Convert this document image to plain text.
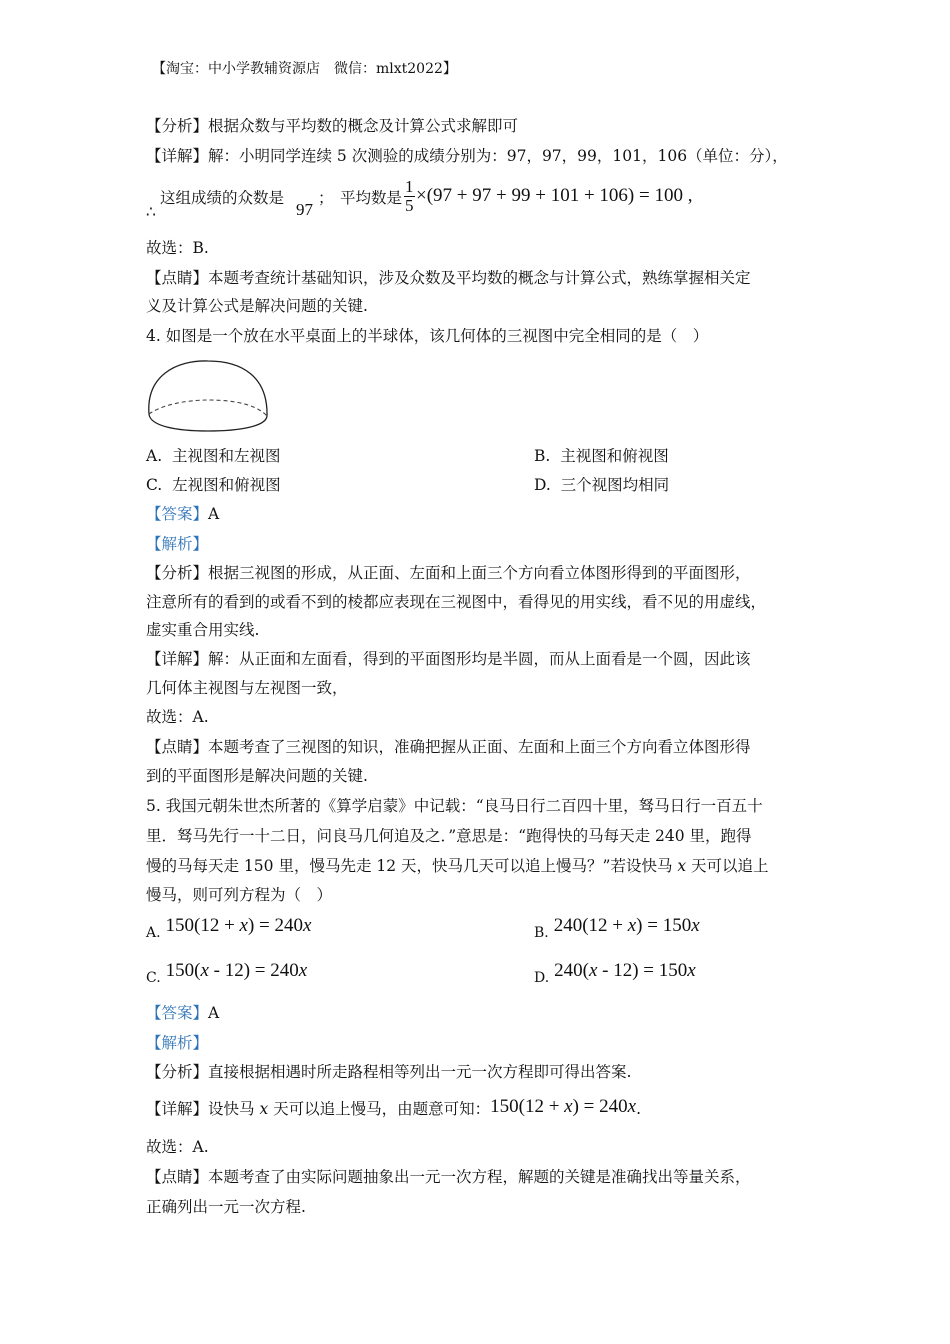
【淘宝：中小学教辅资源店　微信：mlxt2022】
【分析】根据众数与平均数的概念及计算公式求解即可
【详解】解：小明同学连续 5 次测验的成绩分别为：97，97，99，101，106（单位：分），
∴
这组成绩的众数是
97
； 平均数是 $\frac{1}{5} \times(97 + 97 + 99 + 101 + 106) = 100$ ,
故选：B.
【点睛】本题考查统计基础知识，涉及众数及平均数的概念与计算公式，熟练掌握相关定
义及计算公式是解决问题的关键.
4. 如图是一个放在水平桌面上的半球体，该几何体的三视图中完全相同的是（　）
A. 主视图和左视图	B. 主视图和俯视图
C. 左视图和俯视图	D. 三个视图均相同
【答案】A
【解析】
【分析】根据三视图的形成，从正面、左面和上面三个方向看立体图形得到的平面图形，
注意所有的看到的或看不到的棱都应表现在三视图中，看得见的用实线，看不见的用虚线，
虚实重合用实线.
【详解】解：从正面和左面看，得到的平面图形均是半圆，而从上面看是一个圆，因此该
几何体主视图与左视图一致，
故选：A.
【点睛】本题考查了三视图的知识，准确把握从正面、左面和上面三个方向看立体图形得
到的平面图形是解决问题的关键.
5. 我国元朝朱世杰所著的《算学启蒙》中记载：“良马日行二百四十里，驽马日行一百五十
里．驽马先行一十二日，问良马几何追及之．”意思是：“跑得快的马每天走 240 里，跑得
慢的马每天走 150 里，慢马先走 12 天，快马几天可以追上慢马？”若设快马 x 天可以追上
慢马，则可列方程为（　）
A. 150(12 + x) = 240x	B. 240(12 + x) = 150x
C. 150(x - 12) = 240x	D. 240(x - 12) = 150x
【答案】A
【解析】
【分析】直接根据相遇时所走路程相等列出一元一次方程即可得出答案.
【详解】设快马 x 天可以追上慢马，由题意可知：150(12 + x) = 240x.
故选：A.
【点睛】本题考查了由实际问题抽象出一元一次方程，解题的关键是准确找出等量关系，
正确列出一元一次方程.
